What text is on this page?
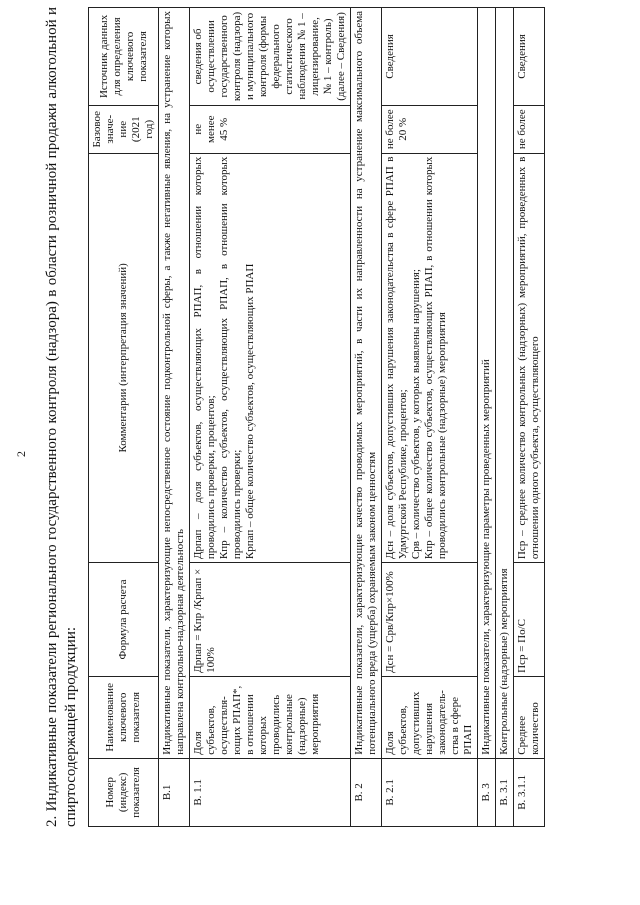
2 2. Индикативные показатели регионального государственного контроля (надзора) в области розничной продажи алкогольной и спиртосодержащей продукции: Номер (индекс) показателя	Наименование ключевого показателя	Формула расчета	Комментарии (интерпретация значений)	Базовое значе-ние (2021 год)	Источник данных для определения ключевого показателя
В.1	Индикативные показатели, характеризующие непосредственное состояние подконтрольной сферы, а также негативные явления, на устранение которых направлена контрольно-надзорная деятельность				
В. 1.1	Доля субъектов, осуществля-ющих РПАП*, в отношении которых проводились контрольные (надзорные) мероприятия	Дрпап = Кпр /Крпап × 100%	Дрпап – доля субъектов, осуществляющих РПАП, в отношении которых проводились проверки, процентов;
Кпр – количество субъектов, осуществляющих РПАП, в отношении которых проводились проверки;
Крпап – общее количество субъектов, осуществляющих РПАП	не менее 45 %	сведения об осуществлении государственного контроля (надзора) и муниципального контроля (формы федерального статистического наблюдения № 1 – лицензирование, № 1 – контроль) (далее – Сведения)
В. 2	Индикативные показатели, характеризующие качество проводимых мероприятий, в части их направленности на устранение максимального объема потенциального вреда (ущерба) охраняемым законом ценностям				
В. 2.1	Доля субъектов, допустивших нарушения законодатель-ства в сфере РПАП	Дсн = Срв/Кпр×100%	Дсн – доля субъектов, допустивших нарушения законодательства в сфере РПАП в Удмуртской Республике, процентов;
Срв – количество субъектов, у которых выявлены нарушения;
Кпр – общее количество субъектов, осуществляющих РПАП, в отношении которых проводились контрольные (надзорные) мероприятия	не более 20 %	Сведения
В. 3	Индикативные показатели, характеризующие параметры проведенных мероприятий				
В. 3.1	Контрольные (надзорные) мероприятия				
В. 3.1.1	Среднее количество	Пср = По/С	Пср – среднее количество контрольных (надзорных) мероприятий, проведенных в отношении одного субъекта, осуществляющего	не более	Сведения
